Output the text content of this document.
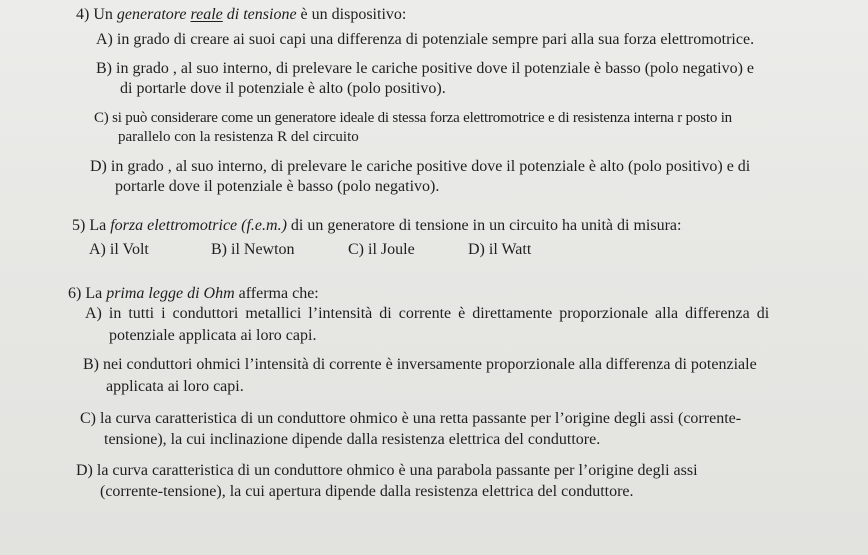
4) Un generatore reale di tensione è un dispositivo:
A) in grado di creare ai suoi capi una differenza di potenziale sempre pari alla sua forza elettromotrice.
B) in grado , al suo interno, di prelevare le cariche positive dove il potenziale è basso (polo negativo) e
di portarle dove il potenziale è alto (polo positivo).
C) si può considerare come un generatore ideale di stessa forza elettromotrice e di resistenza interna r posto in
parallelo con la resistenza R del circuito
D) in grado , al suo interno, di prelevare le cariche positive dove il potenziale è alto (polo positivo) e di
portarle dove il potenziale è basso (polo negativo).
5) La forza elettromotrice (f.e.m.) di un generatore di tensione in un circuito ha unità di misura:
A) il Volt	B) il Newton	C) il Joule	D) il Watt
6) La prima legge di Ohm afferma che:
A) in tutti i conduttori metallici l’intensità di corrente è direttamente proporzionale alla differenza di
potenziale applicata ai loro capi.
B) nei conduttori ohmici l’intensità di corrente è inversamente proporzionale alla differenza di potenziale
applicata ai loro capi.
C) la curva caratteristica di un conduttore ohmico è una retta passante per l’origine degli assi (corrente-
tensione), la cui inclinazione dipende dalla resistenza elettrica del conduttore.
D) la curva caratteristica di un conduttore ohmico è una parabola passante per l’origine degli assi
(corrente-tensione), la cui apertura dipende dalla resistenza elettrica del conduttore.
